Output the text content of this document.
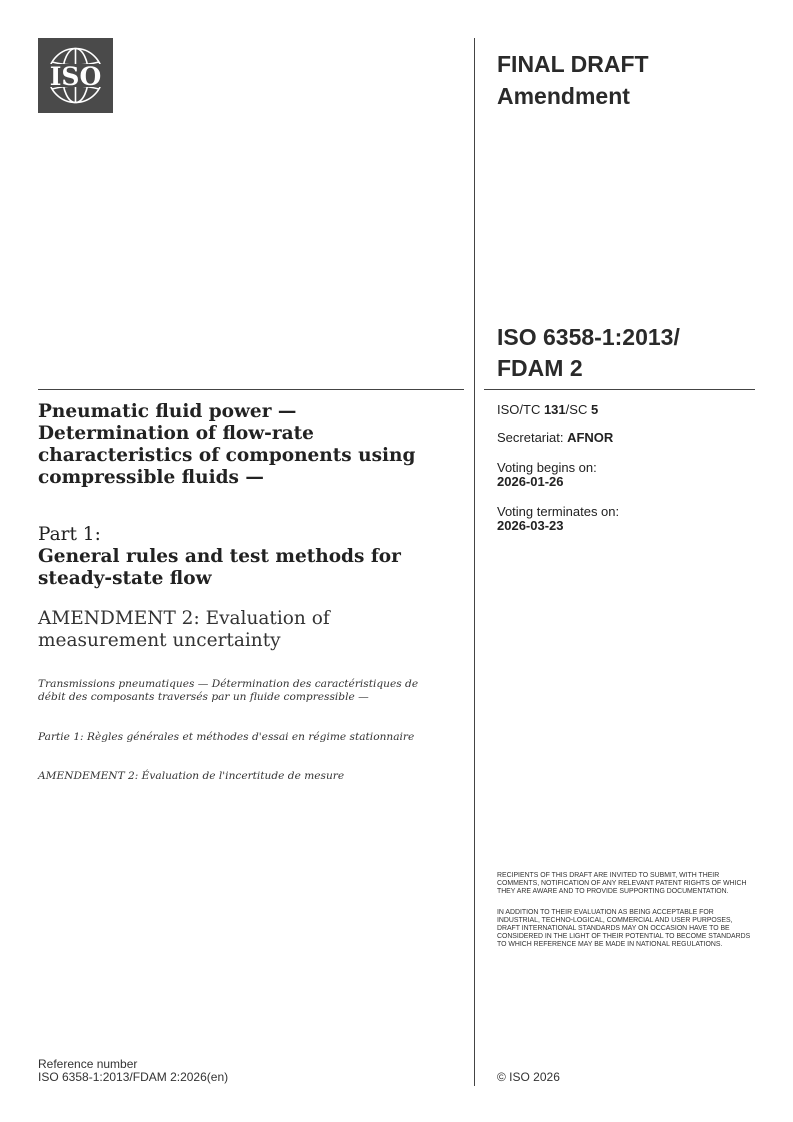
ISO	FINAL DRAFT
Amendment
ISO 6358-1:2013/
FDAM 2
ISO/TC 131/SC 5
Secretariat: AFNOR
Voting begins on:
2026-01-26
Voting terminates on:
2026-03-23
Pneumatic fluid power — Determination of flow-rate characteristics of components using compressible fluids —
Part 1:
General rules and test methods for steady-state flow
AMENDMENT 2: Evaluation of measurement uncertainty
Transmissions pneumatiques — Détermination des caractéristiques de débit des composants traversés par un fluide compressible —
Partie 1: Règles générales et méthodes d'essai en régime stationnaire
AMENDEMENT 2: Évaluation de l'incertitude de mesure
RECIPIENTS OF THIS DRAFT ARE INVITED TO SUBMIT, WITH THEIR COMMENTS, NOTIFICATION OF ANY RELEVANT PATENT RIGHTS OF WHICH THEY ARE AWARE AND TO PROVIDE SUPPORTING DOCUMENTATION.
IN ADDITION TO THEIR EVALUATION AS BEING ACCEPTABLE FOR INDUSTRIAL, TECHNO-LOGICAL, COMMERCIAL AND USER PURPOSES, DRAFT INTERNATIONAL STANDARDS MAY ON OCCASION HAVE TO BE CONSIDERED IN THE LIGHT OF THEIR POTENTIAL TO BECOME STANDARDS TO WHICH REFERENCE MAY BE MADE IN NATIONAL REGULATIONS.
Reference number
ISO 6358-1:2013/FDAM 2:2026(en)	© ISO 2026
